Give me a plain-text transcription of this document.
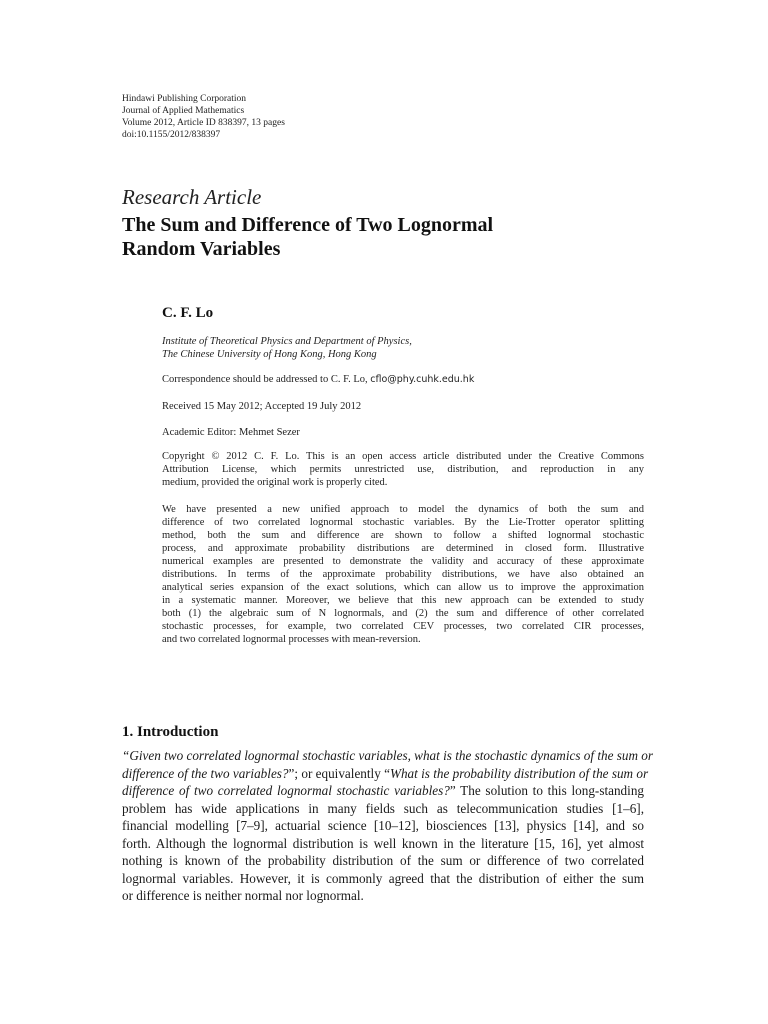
Hindawi Publishing Corporation
Journal of Applied Mathematics
Volume 2012, Article ID 838397, 13 pages
doi:10.1155/2012/838397
Research Article
The Sum and Difference of Two Lognormal
Random Variables
C. F. Lo
Institute of Theoretical Physics and Department of Physics,
The Chinese University of Hong Kong, Hong Kong
Correspondence should be addressed to C. F. Lo, cflo@phy.cuhk.edu.hk
Received 15 May 2012; Accepted 19 July 2012
Academic Editor: Mehmet Sezer
Copyright © 2012 C. F. Lo. This is an open access article distributed under the Creative Commons
Attribution License, which permits unrestricted use, distribution, and reproduction in any
medium, provided the original work is properly cited.
We have presented a new unified approach to model the dynamics of both the sum and
difference of two correlated lognormal stochastic variables. By the Lie-Trotter operator splitting
method, both the sum and difference are shown to follow a shifted lognormal stochastic
process, and approximate probability distributions are determined in closed form. Illustrative
numerical examples are presented to demonstrate the validity and accuracy of these approximate
distributions. In terms of the approximate probability distributions, we have also obtained an
analytical series expansion of the exact solutions, which can allow us to improve the approximation
in a systematic manner. Moreover, we believe that this new approach can be extended to study
both (1) the algebraic sum of N lognormals, and (2) the sum and difference of other correlated
stochastic processes, for example, two correlated CEV processes, two correlated CIR processes,
and two correlated lognormal processes with mean-reversion.
1. Introduction
“Given two correlated lognormal stochastic variables, what is the stochastic dynamics of the sum or
difference of the two variables?”; or equivalently “What is the probability distribution of the sum or
difference of two correlated lognormal stochastic variables?” The solution to this long-standing
problem has wide applications in many fields such as telecommunication studies [1–6],
financial modelling [7–9], actuarial science [10–12], biosciences [13], physics [14], and so
forth. Although the lognormal distribution is well known in the literature [15, 16], yet almost
nothing is known of the probability distribution of the sum or difference of two correlated
lognormal variables. However, it is commonly agreed that the distribution of either the sum
or difference is neither normal nor lognormal.
